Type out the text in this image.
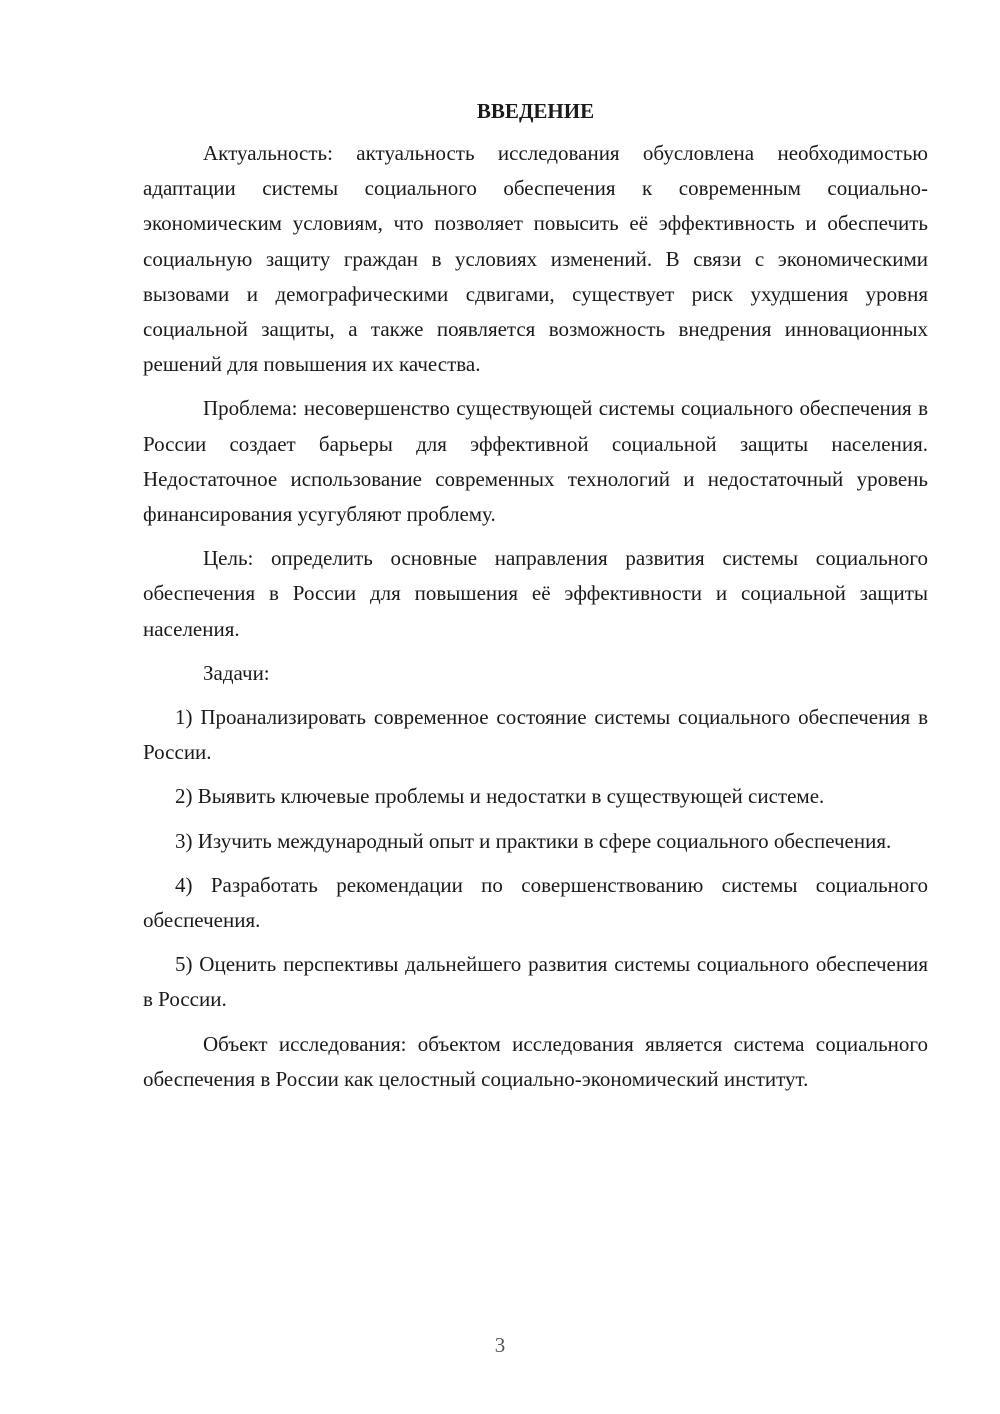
ВВЕДЕНИЕ

Актуальность: актуальность исследования обусловлена необходимостью адаптации системы социального обеспечения к современным социально-экономическим условиям, что позволяет повысить её эффективность и обеспечить социальную защиту граждан в условиях изменений. В связи с экономическими вызовами и демографическими сдвигами, существует риск ухудшения уровня социальной защиты, а также появляется возможность внедрения инновационных решений для повышения их качества.

Проблема: несовершенство существующей системы социального обеспечения в России создает барьеры для эффективной социальной защиты населения. Недостаточное использование современных технологий и недостаточный уровень финансирования усугубляют проблему.

Цель: определить основные направления развития системы социального обеспечения в России для повышения её эффективности и социальной защиты населения.

Задачи:

1) Проанализировать современное состояние системы социального обеспечения в России.

2) Выявить ключевые проблемы и недостатки в существующей системе.

3) Изучить международный опыт и практики в сфере социального обеспечения.

4) Разработать рекомендации по совершенствованию системы социального обеспечения.

5) Оценить перспективы дальнейшего развития системы социального обеспечения в России.

Объект исследования: объектом исследования является система социального обеспечения в России как целостный социально-экономический институт.

3
